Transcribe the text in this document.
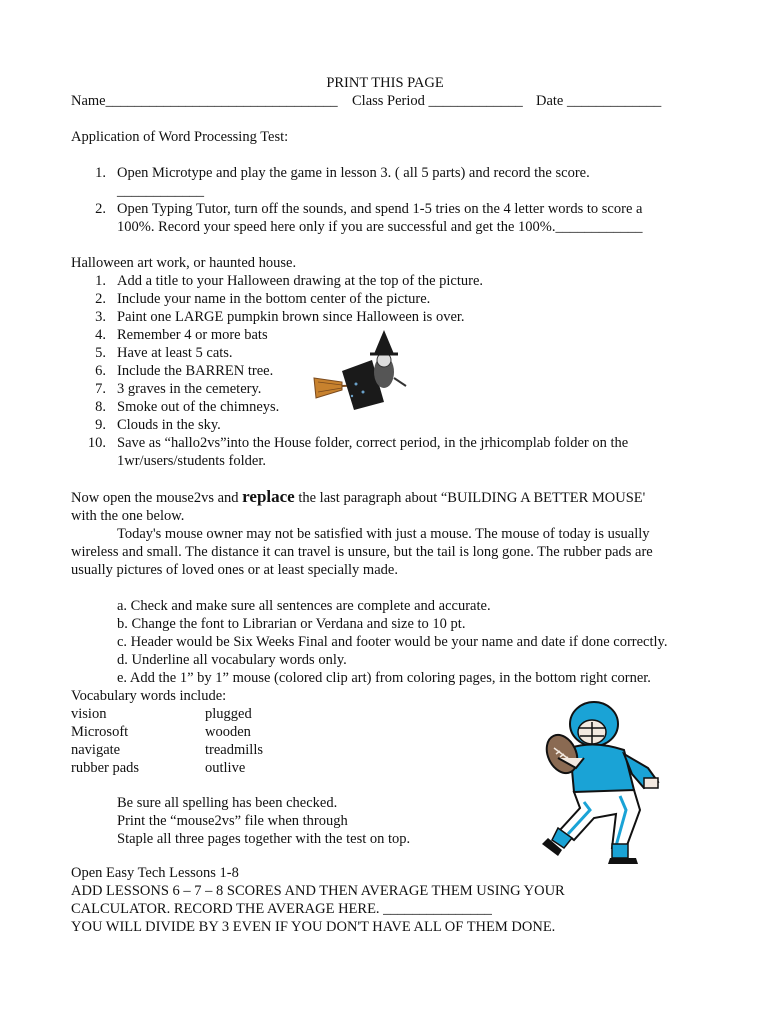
PRINT THIS PAGE
Name________________________________ Class Period _____________ Date _____________
Application of Word Processing Test:
1. Open Microtype and play the game in lesson 3. ( all 5 parts) and record the score.
____________
2. Open Typing Tutor, turn off the sounds, and spend 1-5 tries on the 4 letter words to score a
100%. Record your speed here only if you are successful and get the 100%.____________
Halloween art work, or haunted house.
1. Add a title to your Halloween drawing at the top of the picture.
2. Include your name in the bottom center of the picture.
3. Paint one LARGE pumpkin brown since Halloween is over.
4. Remember 4 or more bats
5. Have at least 5 cats.
6. Include the BARREN tree.
7. 3 graves in the cemetery.
8. Smoke out of the chimneys.
9. Clouds in the sky.
10. Save as “hallo2vs”into the House folder, correct period, in the jrhicomplab folder on the
1wr/users/students folder.
Now open the mouse2vs and replace the last paragraph about “BUILDING A BETTER MOUSE'
with the one below.
Today's mouse owner may not be satisfied with just a mouse. The mouse of today is usually
wireless and small. The distance it can travel is unsure, but the tail is long gone. The rubber pads are
usually pictures of loved ones or at least specially made.
a. Check and make sure all sentences are complete and accurate.
b. Change the font to Librarian or Verdana and size to 10 pt.
c. Header would be Six Weeks Final and footer would be your name and date if done correctly.
d. Underline all vocabulary words only.
e. Add the 1” by 1” mouse (colored clip art) from coloring pages, in the bottom right corner.
Vocabulary words include:
vision
Microsoft
navigate
rubber pads
plugged
wooden
treadmills
outlive
Be sure all spelling has been checked.
Print the “mouse2vs” file when through
Staple all three pages together with the test on top.
Open Easy Tech Lessons 1-8
ADD LESSONS 6 – 7 – 8 SCORES AND THEN AVERAGE THEM USING YOUR
CALCULATOR. RECORD THE AVERAGE HERE. _______________
YOU WILL DIVIDE BY 3 EVEN IF YOU DON'T HAVE ALL OF THEM DONE.
